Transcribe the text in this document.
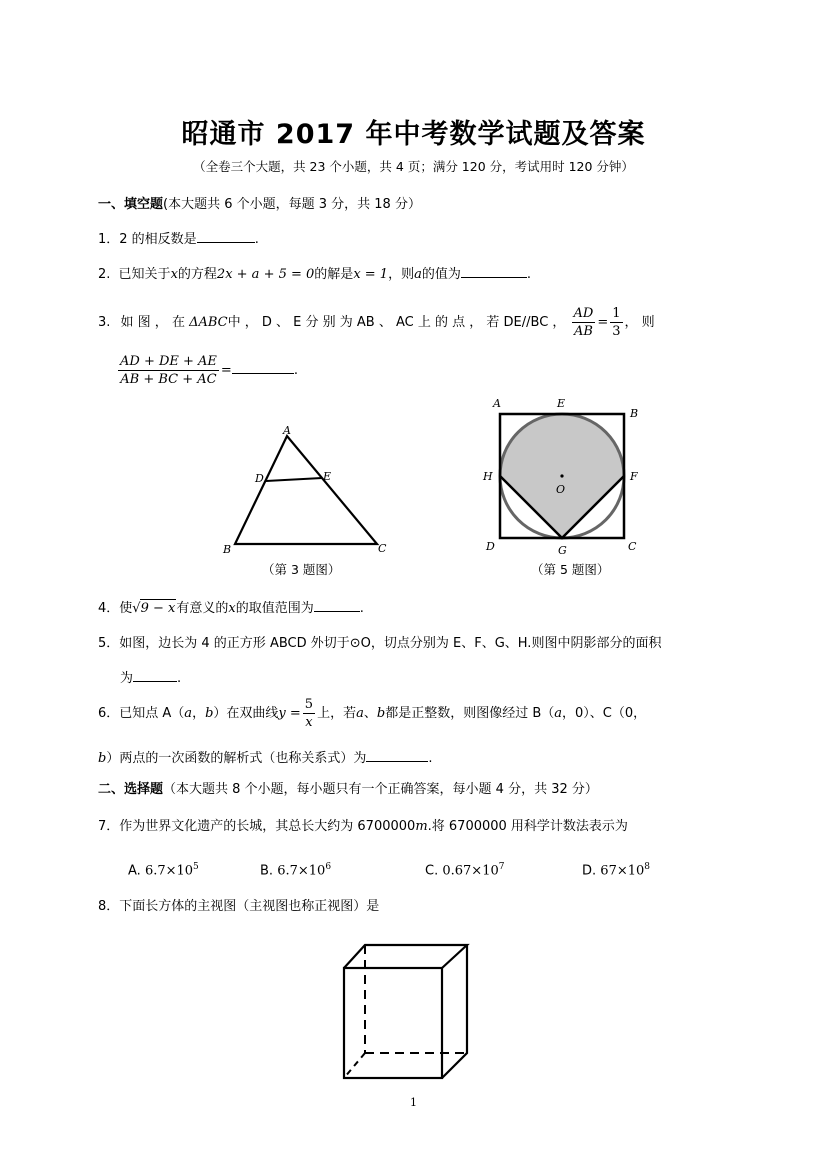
昭通市 2017 年中考数学试题及答案
（全卷三个大题，共 23 个小题，共 4 页；满分 120 分，考试用时 120 分钟）
一、填空题(本大题共 6 个小题，每题 3 分，共 18 分）
1．2 的相反数是	.
2. 已知关于x的方程2x + a + 5 = 0的解是x = 1，则a的值为	.
3. 如 图 ， 在 ΔABC中 ， D 、 E 分 别 为 AB 、 AC 上 的 点 ， 若 DE//BC ， $\frac{AD}{AB} = \frac{1}{3}$ ， 则
$\frac{AD + DE + AE}{AB + BC + AC}$ =	.
A
B	C
D	E
（第 3 题图）
A
B
C
D
E
F
G
H
O
（第 5 题图）
4．使√9 − x有意义的x的取值范围为	.
5．如图，边长为 4 的正方形 ABCD 外切于⊙O，切点分别为 E、F、G、H.则图中阴影部分的面积
为	.
6．已知点 A（a，b）在双曲线$y = \frac{5}{x}$ 上，若a、b都是正整数，则图像经过 B（a，0）、C（0，
b）两点的一次函数的解析式（也称关系式）为	.
二、选择题（本大题共 8 个小题，每小题只有一个正确答案，每小题 4 分，共 32 分）
7．作为世界文化遗产的长城，其总长大约为 6700000m.将 6700000 用科学计数法表示为
A. $6.7\times 10^5$	B. $6.7\times 10^6$	C. $0.67\times 10^7$	D. $67\times 10^8$
8．下面长方体的主视图（主视图也称正视图）是
1
